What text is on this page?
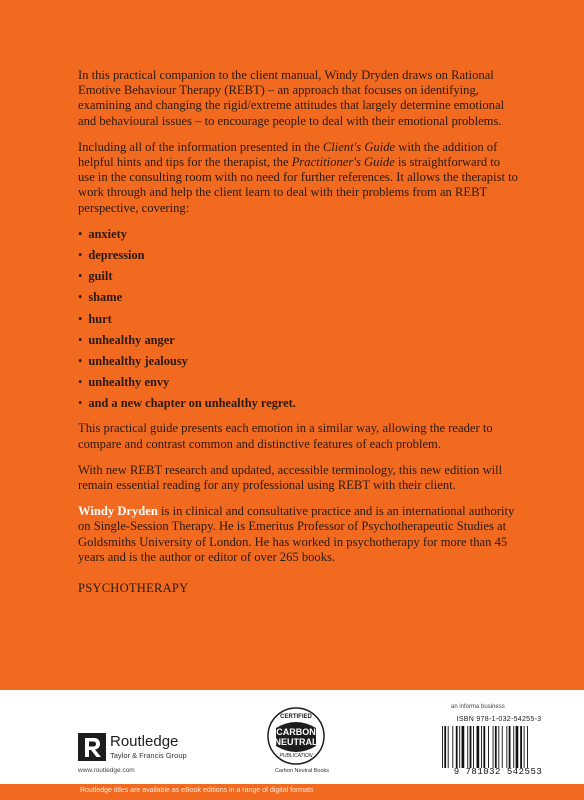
In this practical companion to the client manual, Windy Dryden draws on Rational Emotive Behaviour Therapy (REBT) – an approach that focuses on identifying, examining and changing the rigid/extreme attitudes that largely determine emotional and behavioural issues – to encourage people to deal with their emotional problems.

Including all of the information presented in the Client's Guide with the addition of helpful hints and tips for the therapist, the Practitioner's Guide is straightforward to use in the consulting room with no need for further references. It allows the therapist to work through and help the client learn to deal with their problems from an REBT perspective, covering:

• anxiety
• depression
• guilt
• shame
• hurt
• unhealthy anger
• unhealthy jealousy
• unhealthy envy
• and a new chapter on unhealthy regret.

This practical guide presents each emotion in a similar way, allowing the reader to compare and contrast common and distinctive features of each problem.

With new REBT research and updated, accessible terminology, this new edition will remain essential reading for any professional using REBT with their client.

Windy Dryden is in clinical and consultative practice and is an international authority on Single-Session Therapy. He is Emeritus Professor of Psychotherapeutic Studies at Goldsmiths University of London. He has worked in psychotherapy for more than 45 years and is the author or editor of over 265 books.

PSYCHOTHERAPY
Routledge
Taylor & Francis Group
www.routledge.com
CERTIFIED
CARBON
NEUTRAL
PUBLICATION
Carbon Neutral Books
an informa business
ISBN 978-1-032-54255-3
9 781032 542553
Routledge titles are available as eBook editions in a range of digital formats
